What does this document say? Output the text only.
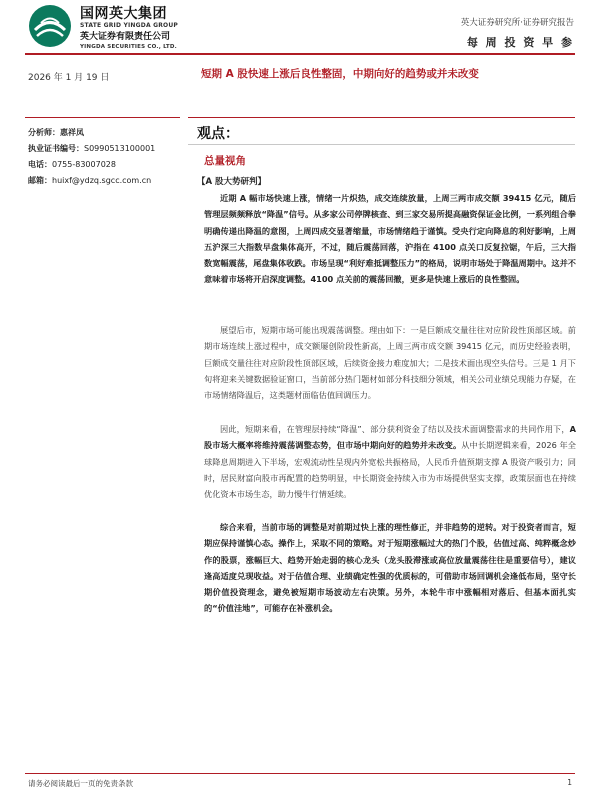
国网英大集团
STATE GRID YINGDA GROUP
英大证券有限责任公司
YINGDA SECURITIES CO., LTD.
英大证券研究所·证券研究报告
每 周 投 资 早 参
2026 年 1 月 19 日	短期 A 股快速上涨后良性整固，中期向好的趋势或并未改变
分析师：惠祥凤
执业证书编号：S0990513100001
电话：0755-83007028
邮箱：huixf@ydzq.sgcc.com.cn
观点：
总量视角
【A 股大势研判】
近期 A 幅市场快速上涨，情绪一片炽热，成交连续放量，上周三两市成交额 39415 亿元，随后管理层频频释放“降温”信号。从多家公司停牌核查、到三家交易所提高融资保证金比例，一系列组合拳明确传递出降温的意图，上周四成交显著缩量，市场情绪趋于谨慎。受央行定向降息的利好影响，上周五沪深三大指数早盘集体高开，不过，随后震荡回落，沪指在 4100 点关口反复拉锯，午后，三大指数宽幅震荡，尾盘集体收跌。市场呈现“利好难抵调整压力”的格局，说明市场处于降温周期中。这并不意味着市场将开启深度调整。4100 点关前的震荡回撤，更多是快速上涨后的良性整固。
展望后市，短期市场可能出现震荡调整。理由如下：一是巨额成交量往往对应阶段性顶部区域。前期市场连续上涨过程中，成交额屡创阶段性新高，上周三两市成交额 39415 亿元，而历史经验表明，巨额成交量往往对应阶段性顶部区域，后续资金接力难度加大；二是技术面出现空头信号。三是 1 月下旬将迎来关键数据验证窗口，当前部分热门题材如部分科技细分领域，相关公司业绩兑现能力存疑，在市场情绪降温后，这类题材面临估值回调压力。
因此，短期来看，在管理层持续“降温”、部分获利资金了结以及技术面调整需求的共同作用下，A 股市场大概率将维持震荡调整态势，但市场中期向好的趋势并未改变。从中长期逻辑来看，2026 年全球降息周期进入下半场，宏观流动性呈现内外宽松共振格局，人民币升值预期支撑 A 股资产吸引力；同时，居民财富向股市再配置的趋势明显，中长期资金持续入市为市场提供坚实支撑，政策层面也在持续优化资本市场生态，助力慢牛行情延续。
综合来看，当前市场的调整是对前期过快上涨的理性修正，并非趋势的逆转。对于投资者而言，短期应保持谨慎心态。操作上，采取不同的策略。对于短期涨幅过大的热门个股，估值过高、纯粹概念炒作的股票，涨幅巨大、趋势开始走弱的核心龙头（龙头股滞涨或高位放量震荡往往是重要信号），建议逢高适度兑现收益。对于估值合理、业绩确定性强的优质标的，可借助市场回调机会逢低布局，坚守长期价值投资理念，避免被短期市场波动左右决策。另外，本轮牛市中涨幅相对落后、但基本面扎实的“价值洼地”，可能存在补涨机会。
请务必阅读最后一页的免责条款	1
